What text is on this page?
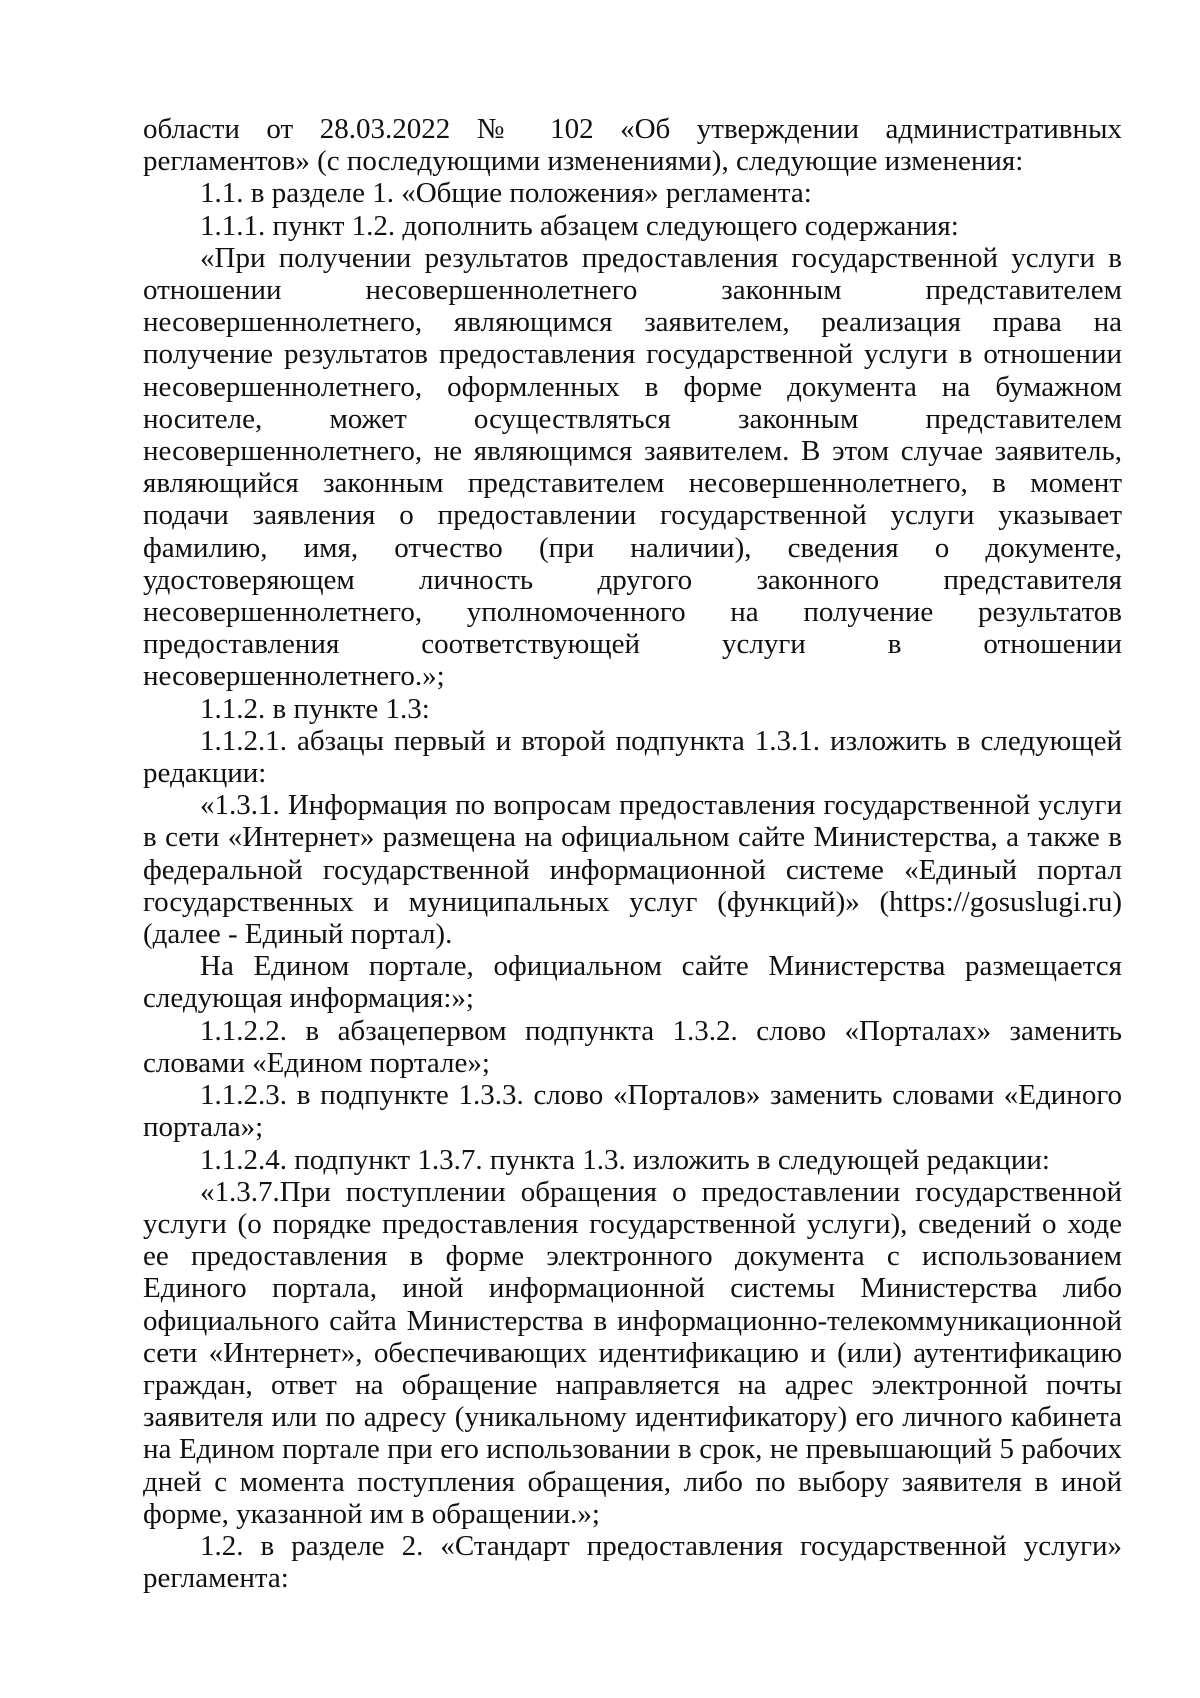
области от 28.03.2022 № 102 «Об утверждении административных регламентов» (с последующими изменениями), следующие изменения:

1.1. в разделе 1. «Общие положения» регламента:

1.1.1. пункт 1.2. дополнить абзацем следующего содержания:

«При получении результатов предоставления государственной услуги в отношении несовершеннолетнего законным представителем несовершеннолетнего, являющимся заявителем, реализация права на получение результатов предоставления государственной услуги в отношении несовершеннолетнего, оформленных в форме документа на бумажном носителе, может осуществляться законным представителем несовершеннолетнего, не являющимся заявителем. В этом случае заявитель, являющийся законным представителем несовершеннолетнего, в момент подачи заявления о предоставлении государственной услуги указывает фамилию, имя, отчество (при наличии), сведения о документе, удостоверяющем личность другого законного представителя несовершеннолетнего, уполномоченного на получение результатов предоставления соответствующей услуги в отношении несовершеннолетнего.»;

1.1.2. в пункте 1.3:

1.1.2.1. абзацы первый и второй подпункта 1.3.1. изложить в следующей редакции:

«1.3.1. Информация по вопросам предоставления государственной услуги в сети «Интернет» размещена на официальном сайте Министерства, а также в федеральной государственной информационной системе «Единый портал государственных и муниципальных услуг (функций)» (https://gosuslugi.ru) (далее - Единый портал).

На Едином портале, официальном сайте Министерства размещается следующая информация:»;

1.1.2.2. в абзацепервом подпункта 1.3.2. слово «Порталах» заменить словами «Едином портале»;

1.1.2.3. в подпункте 1.3.3. слово «Порталов» заменить словами «Единого портала»;

1.1.2.4. подпункт 1.3.7. пункта 1.3. изложить в следующей редакции:

«1.3.7.При поступлении обращения о предоставлении государственной услуги (о порядке предоставления государственной услуги), сведений о ходе ее предоставления в форме электронного документа с использованием Единого портала, иной информационной системы Министерства либо официального сайта Министерства в информационно-телекоммуникационной сети «Интернет», обеспечивающих идентификацию и (или) аутентификацию граждан, ответ на обращение направляется на адрес электронной почты заявителя или по адресу (уникальному идентификатору) его личного кабинета на Едином портале при его использовании в срок, не превышающий 5 рабочих дней с момента поступления обращения, либо по выбору заявителя в иной форме, указанной им в обращении.»;

1.2. в разделе 2. «Стандарт предоставления государственной услуги» регламента:
